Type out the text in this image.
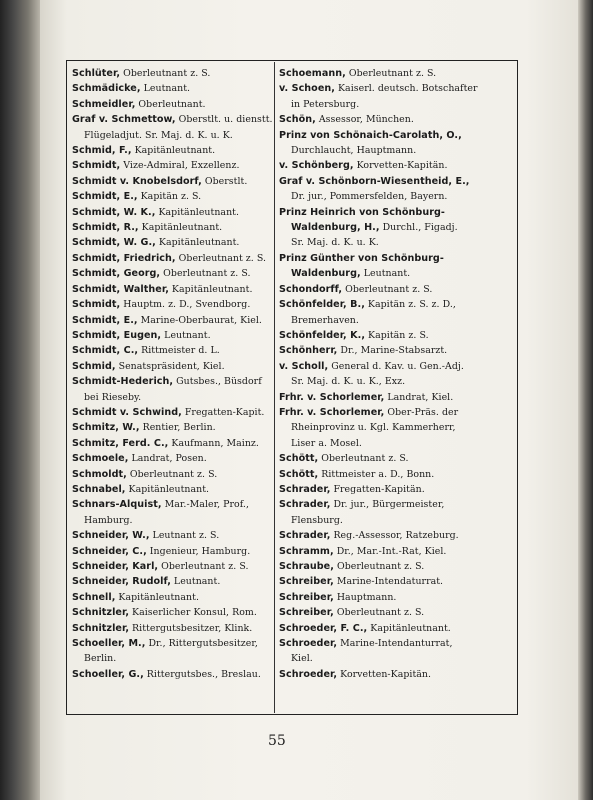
Schlüter, Oberleutnant z. S.
Schmädicke, Leutnant.
Schmeidler, Oberleutnant.
Graf v. Schmettow, Oberstlt. u. dienstt.
Flügeladjut. Sr. Maj. d. K. u. K.
Schmid, F., Kapitänleutnant.
Schmidt, Vize-Admiral, Exzellenz.
Schmidt v. Knobelsdorf, Oberstlt.
Schmidt, E., Kapitän z. S.
Schmidt, W. K., Kapitänleutnant.
Schmidt, R., Kapitänleutnant.
Schmidt, W. G., Kapitänleutnant.
Schmidt, Friedrich, Oberleutnant z. S.
Schmidt, Georg, Oberleutnant z. S.
Schmidt, Walther, Kapitänleutnant.
Schmidt, Hauptm. z. D., Svendborg.
Schmidt, E., Marine-Oberbaurat, Kiel.
Schmidt, Eugen, Leutnant.
Schmidt, C., Rittmeister d. L.
Schmid, Senatspräsident, Kiel.
Schmidt-Hederich, Gutsbes., Büsdorf
bei Rieseby.
Schmidt v. Schwind, Fregatten-Kapit.
Schmitz, W., Rentier, Berlin.
Schmitz, Ferd. C., Kaufmann, Mainz.
Schmoele, Landrat, Posen.
Schmoldt, Oberleutnant z. S.
Schnabel, Kapitänleutnant.
Schnars-Alquist, Mar.-Maler, Prof.,
Hamburg.
Schneider, W., Leutnant z. S.
Schneider, C., Ingenieur, Hamburg.
Schneider, Karl, Oberleutnant z. S.
Schneider, Rudolf, Leutnant.
Schnell, Kapitänleutnant.
Schnitzler, Kaiserlicher Konsul, Rom.
Schnitzler, Rittergutsbesitzer, Klink.
Schoeller, M., Dr., Rittergutsbesitzer,
Berlin.
Schoeller, G., Rittergutsbes., Breslau.
Schoemann, Oberleutnant z. S.
v. Schoen, Kaiserl. deutsch. Botschafter
in Petersburg.
Schön, Assessor, München.
Prinz von Schönaich-Carolath, O.,
Durchlaucht, Hauptmann.
v. Schönberg, Korvetten-Kapitän.
Graf v. Schönborn-Wiesentheid, E.,
Dr. jur., Pommersfelden, Bayern.
Prinz Heinrich von Schönburg-
Waldenburg, H., Durchl., Figadj.
Sr. Maj. d. K. u. K.
Prinz Günther von Schönburg-
Waldenburg, Leutnant.
Schondorff, Oberleutnant z. S.
Schönfelder, B., Kapitän z. S. z. D.,
Bremerhaven.
Schönfelder, K., Kapitän z. S.
Schönherr, Dr., Marine-Stabsarzt.
v. Scholl, General d. Kav. u. Gen.-Adj.
Sr. Maj. d. K. u. K., Exz.
Frhr. v. Schorlemer, Landrat, Kiel.
Frhr. v. Schorlemer, Ober-Präs. der
Rheinprovinz u. Kgl. Kammerherr,
Liser a. Mosel.
Schött, Oberleutnant z. S.
Schött, Rittmeister a. D., Bonn.
Schrader, Fregatten-Kapitän.
Schrader, Dr. jur., Bürgermeister,
Flensburg.
Schrader, Reg.-Assessor, Ratzeburg.
Schramm, Dr., Mar.-Int.-Rat, Kiel.
Schraube, Oberleutnant z. S.
Schreiber, Marine-Intendaturrat.
Schreiber, Hauptmann.
Schreiber, Oberleutnant z. S.
Schroeder, F. C., Kapitänleutnant.
Schroeder, Marine-Intendanturrat,
Kiel.
Schroeder, Korvetten-Kapitän.
55
